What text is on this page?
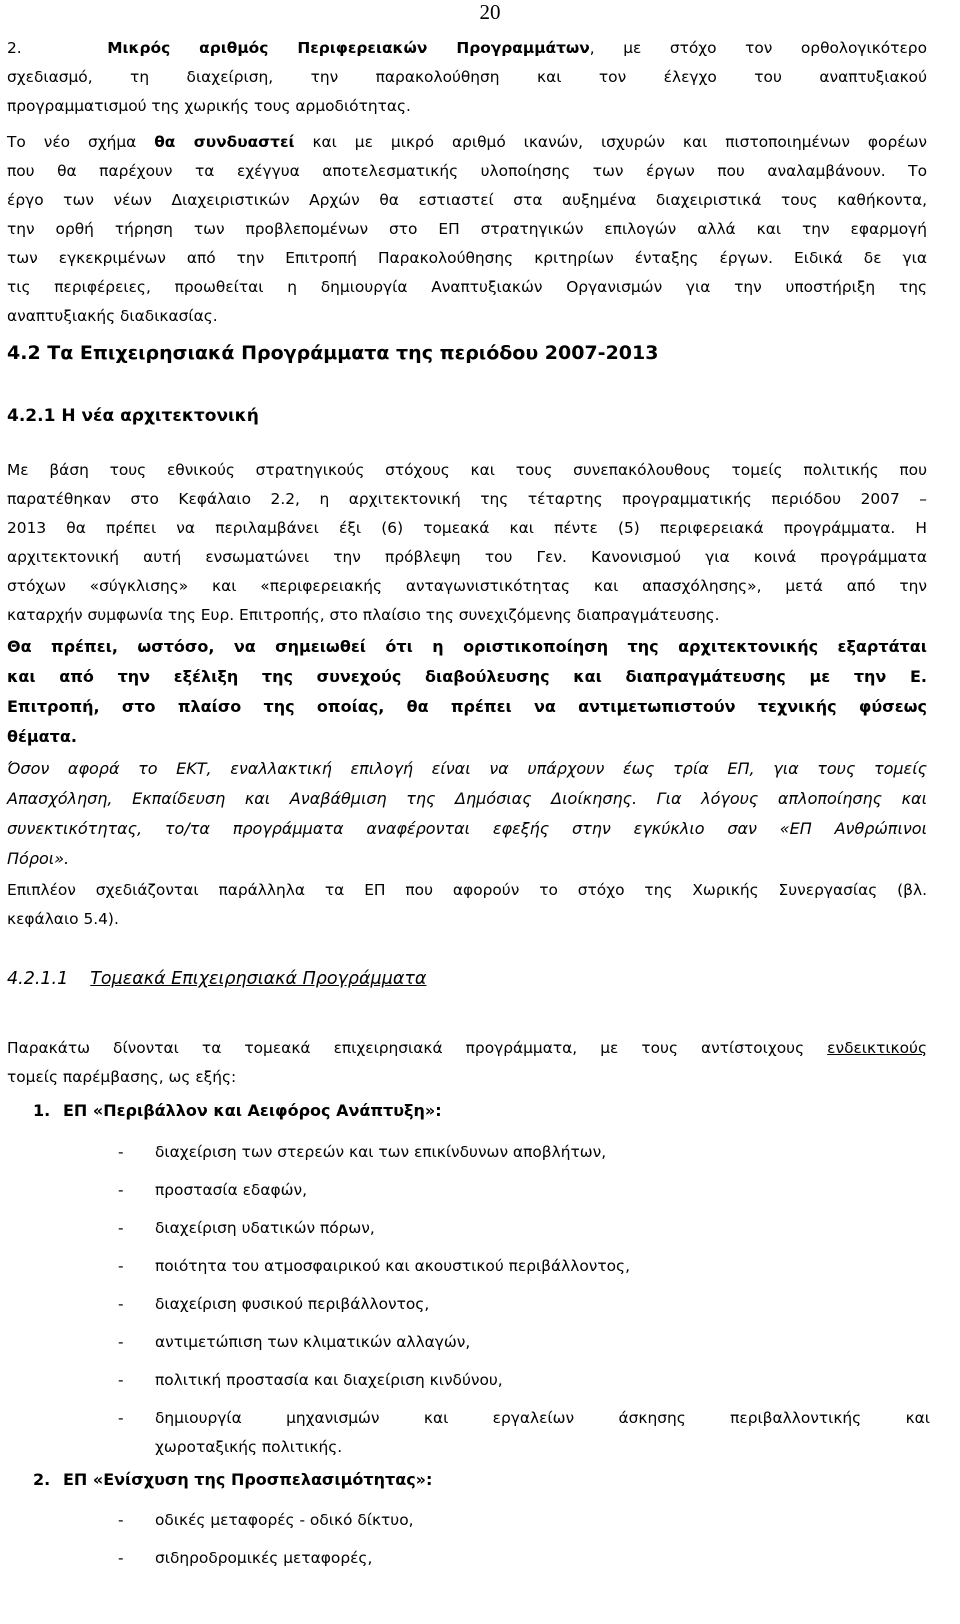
20
2.	Μικρός αριθμός Περιφερειακών Προγραμμάτων, με στόχο τον ορθολογικότερο
σχεδιασμό, τη διαχείριση, την παρακολούθηση και τον έλεγχο του αναπτυξιακού
προγραμματισμού της χωρικής τους αρμοδιότητας.
Το νέο σχήμα θα συνδυαστεί και με μικρό αριθμό ικανών, ισχυρών και πιστοποιημένων φορέων
που θα παρέχουν τα εχέγγυα αποτελεσματικής υλοποίησης των έργων που αναλαμβάνουν. Το
έργο των νέων Διαχειριστικών Αρχών θα εστιαστεί στα αυξημένα διαχειριστικά τους καθήκοντα,
την ορθή τήρηση των προβλεπομένων στο ΕΠ στρατηγικών επιλογών αλλά και την εφαρμογή
των εγκεκριμένων από την Επιτροπή Παρακολούθησης κριτηρίων ένταξης έργων. Ειδικά δε για
τις περιφέρειες, προωθείται η δημιουργία Αναπτυξιακών Οργανισμών για την υποστήριξη της
αναπτυξιακής διαδικασίας.
4.2 Τα Επιχειρησιακά Προγράμματα της περιόδου 2007-2013
4.2.1 Η νέα αρχιτεκτονική
Με βάση τους εθνικούς στρατηγικούς στόχους και τους συνεπακόλουθους τομείς πολιτικής που
παρατέθηκαν στο Κεφάλαιο 2.2, η αρχιτεκτονική της τέταρτης προγραμματικής περιόδου 2007 –
2013 θα πρέπει να περιλαμβάνει έξι (6) τομεακά και πέντε (5) περιφερειακά προγράμματα. Η
αρχιτεκτονική αυτή ενσωματώνει την πρόβλεψη του Γεν. Κανονισμού για κοινά προγράμματα
στόχων «σύγκλισης» και «περιφερειακής ανταγωνιστικότητας και απασχόλησης», μετά από την
καταρχήν συμφωνία της Ευρ. Επιτροπής, στο πλαίσιο της συνεχιζόμενης διαπραγμάτευσης.
Θα πρέπει, ωστόσο, να σημειωθεί ότι η οριστικοποίηση της αρχιτεκτονικής εξαρτάται
και από την εξέλιξη της συνεχούς διαβούλευσης και διαπραγμάτευσης με την Ε.
Επιτροπή, στο πλαίσο της οποίας, θα πρέπει να αντιμετωπιστούν τεχνικής φύσεως
θέματα.
Όσον αφορά το ΕΚΤ, εναλλακτική επιλογή είναι να υπάρχουν έως τρία ΕΠ, για τους τομείς
Απασχόληση, Εκπαίδευση και Αναβάθμιση της Δημόσιας Διοίκησης. Για λόγους απλοποίησης και
συνεκτικότητας, το/τα προγράμματα αναφέρονται εφεξής στην εγκύκλιο σαν «ΕΠ Ανθρώπινοι
Πόροι».
Επιπλέον σχεδιάζονται παράλληλα τα ΕΠ που αφορούν το στόχο της Χωρικής Συνεργασίας (βλ.
κεφάλαιο 5.4).
4.2.1.1 Τομεακά Επιχειρησιακά Προγράμματα
Παρακάτω δίνονται τα τομεακά επιχειρησιακά προγράμματα, με τους αντίστοιχους ενδεικτικούς
τομείς παρέμβασης, ως εξής:
1. ΕΠ «Περιβάλλον και Αειφόρος Ανάπτυξη»:
- διαχείριση των στερεών και των επικίνδυνων αποβλήτων,
- προστασία εδαφών,
- διαχείριση υδατικών πόρων,
- ποιότητα του ατμοσφαιρικού και ακουστικού περιβάλλοντος,
- διαχείριση φυσικού περιβάλλοντος,
- αντιμετώπιση των κλιματικών αλλαγών,
- πολιτική προστασία και διαχείριση κινδύνου,
- δημιουργία μηχανισμών και εργαλείων άσκησης περιβαλλοντικής και
χωροταξικής πολιτικής.
2. ΕΠ «Ενίσχυση της Προσπελασιμότητας»:
- οδικές μεταφορές - οδικό δίκτυο,
- σιδηροδρομικές μεταφορές,
